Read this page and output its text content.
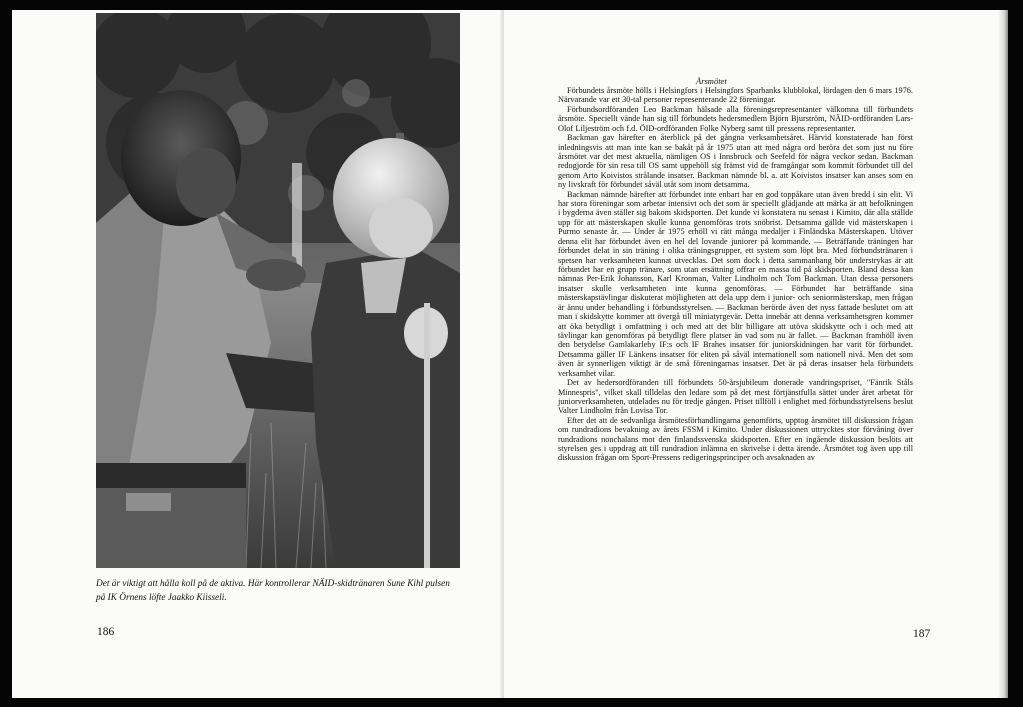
Det är viktigt att hålla koll på de aktiva. Här kontrollerar NÄID-skidtränaren Sune Kihl pulsen på IK Örnens löfte Jaakko Kiisseli.

186

Årsmötet

Förbundets årsmöte hölls i Helsingfors i Helsingfors Sparbanks klubblokal, lördagen den 6 mars 1976. Närvarande var ett 30-tal personer representerande 22 föreningar.

Förbundsordföranden Leo Backman hälsade alla föreningsrepresentanter välkomna till förbundets årsmöte. Speciellt vände han sig till förbundets hedersmedlem Björn Bjurström, NÄID-ordföranden Lars-Olof Liljeström och f.d. ÖID-ordföranden Folke Nyberg samt till pressens representanter.

Backman gav härefter en återblick på det gångna verksamhetsåret. Härvid konstaterade han först inledningsvis att man inte kan se bakåt på år 1975 utan att med några ord beröra det som just nu före årsmötet var det mest aktuella, nämligen OS i Innsbruck och Seefeld för några veckor sedan. Backman redogjorde för sin resa till OS samt uppehöll sig främst vid de framgångar som kommit förbundet till del genom Arto Koivistos strålande insatser. Backman nämnde bl. a. att Koivistos insatser kan anses som en ny livskraft för förbundet såväl utåt som inom detsamma.

Backman nämnde härefter att förbundet inte enbart har en god toppåkare utan även bredd i sin elit. Vi har stora föreningar som arbetar intensivt och det som är speciellt glädjande att märka är att befolkningen i bygderna även ställer sig bakom skidsporten. Det kunde vi konstatera nu senast i Kimito, där alla ställde upp för att mästerskapen skulle kunna genomföras trots snöbrist. Detsamma gällde vid mästerskapen i Purmo senaste år. — Under år 1975 erhöll vi rätt många medaljer i Finländska Mästerskapen. Utöver denna elit har förbundet även en hel del lovande juniorer på kommande. — Beträffande träningen har förbundet delat in sin träning i olika träningsgrupper, ett system som löpt bra. Med förbundstränaren i spetsen har verksamheten kunnat utvecklas. Det som dock i detta sammanhang bör understrykas är att förbundet har en grupp tränare, som utan ersättning offrar en massa tid på skidsporten. Bland dessa kan nämnas Per-Erik Johansson, Karl Kronman, Valter Lindholm och Tom Backman. Utan dessa personers insatser skulle verksamheten inte kunna genomföras. — Förbundet har beträffande sina mästerskapstävlingar diskuterat möjligheten att dela upp dem i junior- och seniormästerskap, men frågan är ännu under behandling i förbundsstyrelsen. — Backman berörde även det nyss fattade beslutet om att man i skidskytte kommer att övergå till miniatyrgevär. Detta innebär att denna verksamhetsgren kommer att öka betydligt i omfattning i och med att det blir billigare att utöva skidskytte och i och med att tävlingar kan genomföras på betydligt flere platser än vad som nu är fallet. — Backman framhöll även den betydelse Gamlakarleby IF:s och IF Brahes insatser för juniorskidningen har varit för förbundet. Detsamma gäller IF Länkens insatser för eliten på såväl internationell som nationell nivå. Men det som även är synnerligen viktigt är de små föreningarnas insatser. Det är på deras insatser hela förbundets verksamhet vilar.

Det av hedersordföranden till förbundets 50-årsjubileum donerade vandringspriset, "Fänrik Ståls Minnespris", vilket skall tilldelas den ledare som på det mest förtjänstfulla sättet under året arbetat för juniorverksamheten, utdelades nu för tredje gången. Priset tillföll i enlighet med förbundsstyrelsens beslut Valter Lindholm från Lovisa Tor.

Efter det att de sedvanliga årsmötesförhandlingarna genomförts, upptog årsmötet till diskussion frågan om rundradions bevakning av årets FSSM i Kimito. Under diskussionen uttrycktes stor förvåning över rundradions nonchalans mot den finlandssvenska skidsporten. Efter en ingående diskussion beslöts att styrelsen ges i uppdrag att till rundradion inlämna en skrivelse i detta ärende. Årsmötet tog även upp till diskussion frågan om Sport-Pressens redigeringsprinciper och avsaknaden av

187
